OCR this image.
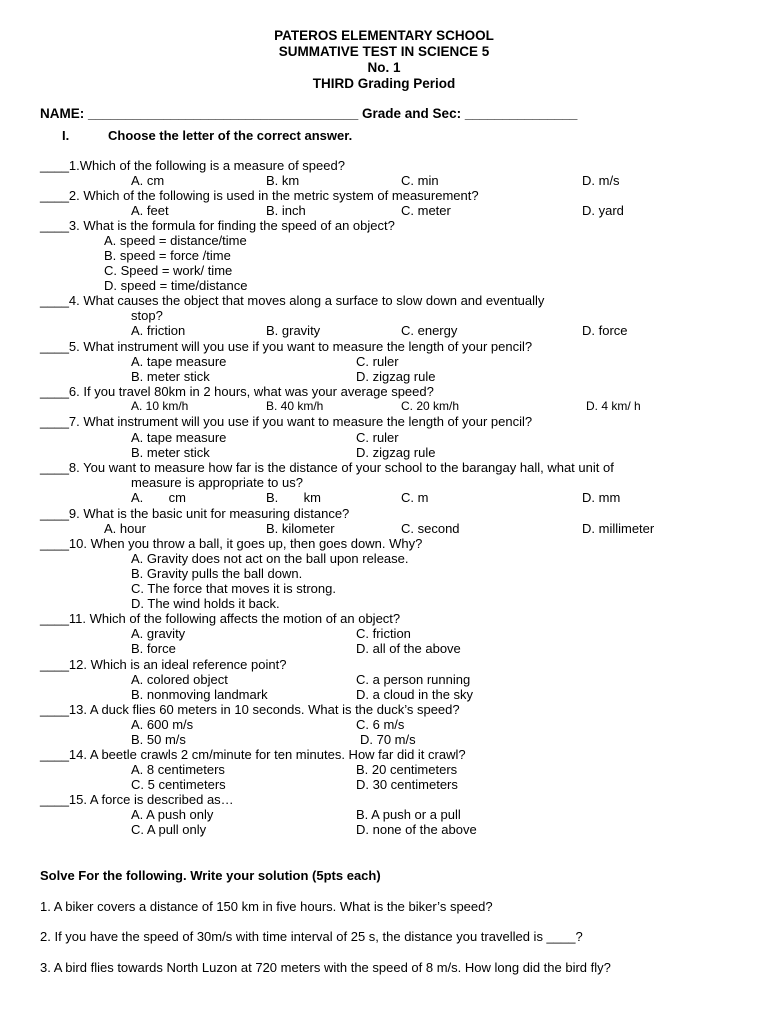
PATEROS ELEMENTARY SCHOOL
SUMMATIVE TEST IN SCIENCE 5
No. 1
THIRD Grading Period
NAME: ____________________________________ Grade and Sec: _______________
I.	Choose the letter of the correct answer.
____1.Which of the following is a measure of speed?
A. cm	B. km	C. min	D. m/s
____2. Which of the following is used in the metric system of measurement?
A. feet	B. inch	C. meter	D. yard
____3. What is the formula for finding the speed of an object?
A. speed = distance/time
B. speed = force /time
C. Speed = work/ time
D. speed = time/distance
____4. What causes the object that moves along a surface to slow down and eventually
stop?
A. friction	B. gravity	C. energy	D. force
____5. What instrument will you use if you want to measure the length of your pencil?
A. tape measure	C. ruler
B. meter stick	D. zigzag rule
____6. If you travel 80km in 2 hours, what was your average speed?
A. 10 km/h	B. 40 km/h	C. 20 km/h	D. 4 km/ h
____7. What instrument will you use if you want to measure the length of your pencil?
A. tape measure	C. ruler
B. meter stick	D. zigzag rule
____8. You want to measure how far is the distance of your school to the barangay hall, what unit of
measure is appropriate to us?
A.       cm	B.       km	C. m	D. mm
____9. What is the basic unit for measuring distance?
A. hour	B. kilometer	C. second	D. millimeter
____10. When you throw a ball, it goes up, then goes down. Why?
A. Gravity does not act on the ball upon release.
B. Gravity pulls the ball down.
C. The force that moves it is strong.
D. The wind holds it back.
____11. Which of the following affects the motion of an object?
A. gravity	C. friction
B. force	D. all of the above
____12. Which is an ideal reference point?
A. colored object	C. a person running
B. nonmoving landmark	D. a cloud in the sky
____13. A duck flies 60 meters in 10 seconds. What is the duck’s speed?
A. 600 m/s	C. 6 m/s
B. 50 m/s	D. 70 m/s
____14. A beetle crawls 2 cm/minute for ten minutes. How far did it crawl?
A. 8 centimeters	B. 20 centimeters
C. 5 centimeters	D. 30 centimeters
____15. A force is described as…
A. A push only	B. A push or a pull
C. A pull only	D. none of the above
Solve For the following. Write your solution (5pts each)
1. A biker covers a distance of 150 km in five hours. What is the biker’s speed?
2. If you have the speed of 30m/s with time interval of 25 s, the distance you travelled is ____?
3. A bird flies towards North Luzon at 720 meters with the speed of 8 m/s. How long did the bird fly?
